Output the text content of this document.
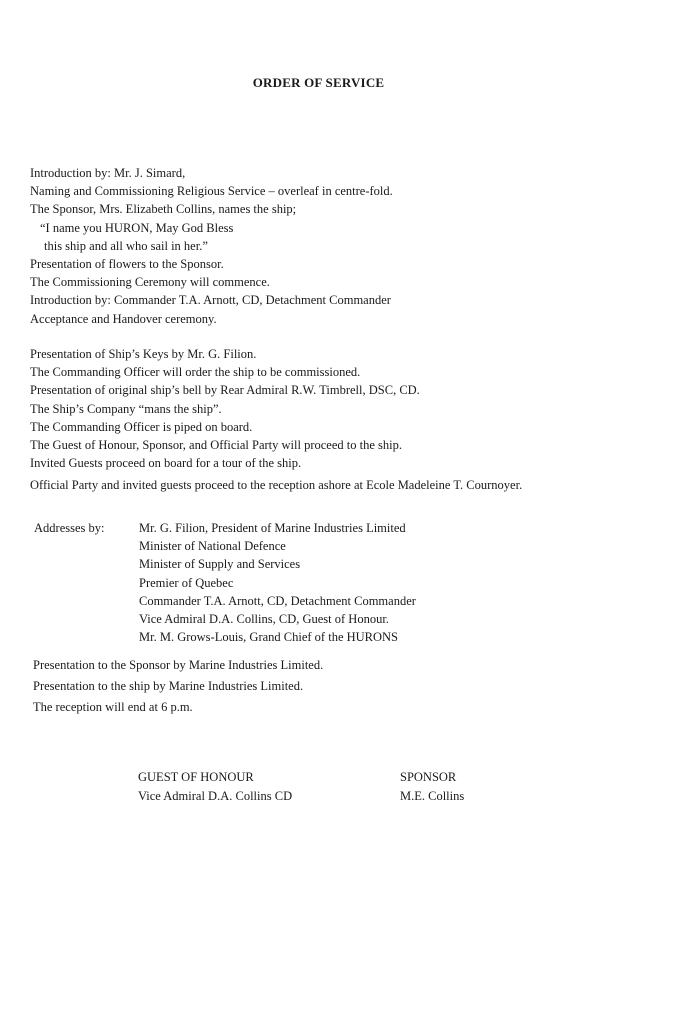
ORDER OF SERVICE
Introduction by: Mr. J. Simard,
Naming and Commissioning Religious Service – overleaf in centre-fold.
The Sponsor, Mrs. Elizabeth Collins, names the ship;
“I name you HURON, May God Bless
this ship and all who sail in her.”
Presentation of flowers to the Sponsor.
The Commissioning Ceremony will commence.
Introduction by: Commander T.A. Arnott, CD, Detachment Commander
Acceptance and Handover ceremony.
Presentation of Ship’s Keys by Mr. G. Filion.
The Commanding Officer will order the ship to be commissioned.
Presentation of original ship’s bell by Rear Admiral R.W. Timbrell, DSC, CD.
The Ship’s Company “mans the ship”.
The Commanding Officer is piped on board.
The Guest of Honour, Sponsor, and Official Party will proceed to the ship.
Invited Guests proceed on board for a tour of the ship.
Official Party and invited guests proceed to the reception ashore at Ecole Madeleine T. Cournoyer.
Addresses by:	Mr. G. Filion, President of Marine Industries Limited
Minister of National Defence
Minister of Supply and Services
Premier of Quebec
Commander T.A. Arnott, CD, Detachment Commander
Vice Admiral D.A. Collins, CD, Guest of Honour.
Mr. M. Grows-Louis, Grand Chief of the HURONS
Presentation to the Sponsor by Marine Industries Limited.
Presentation to the ship by Marine Industries Limited.
The reception will end at 6 p.m.
GUEST OF HONOUR
Vice Admiral D.A. Collins CD
SPONSOR
M.E. Collins
